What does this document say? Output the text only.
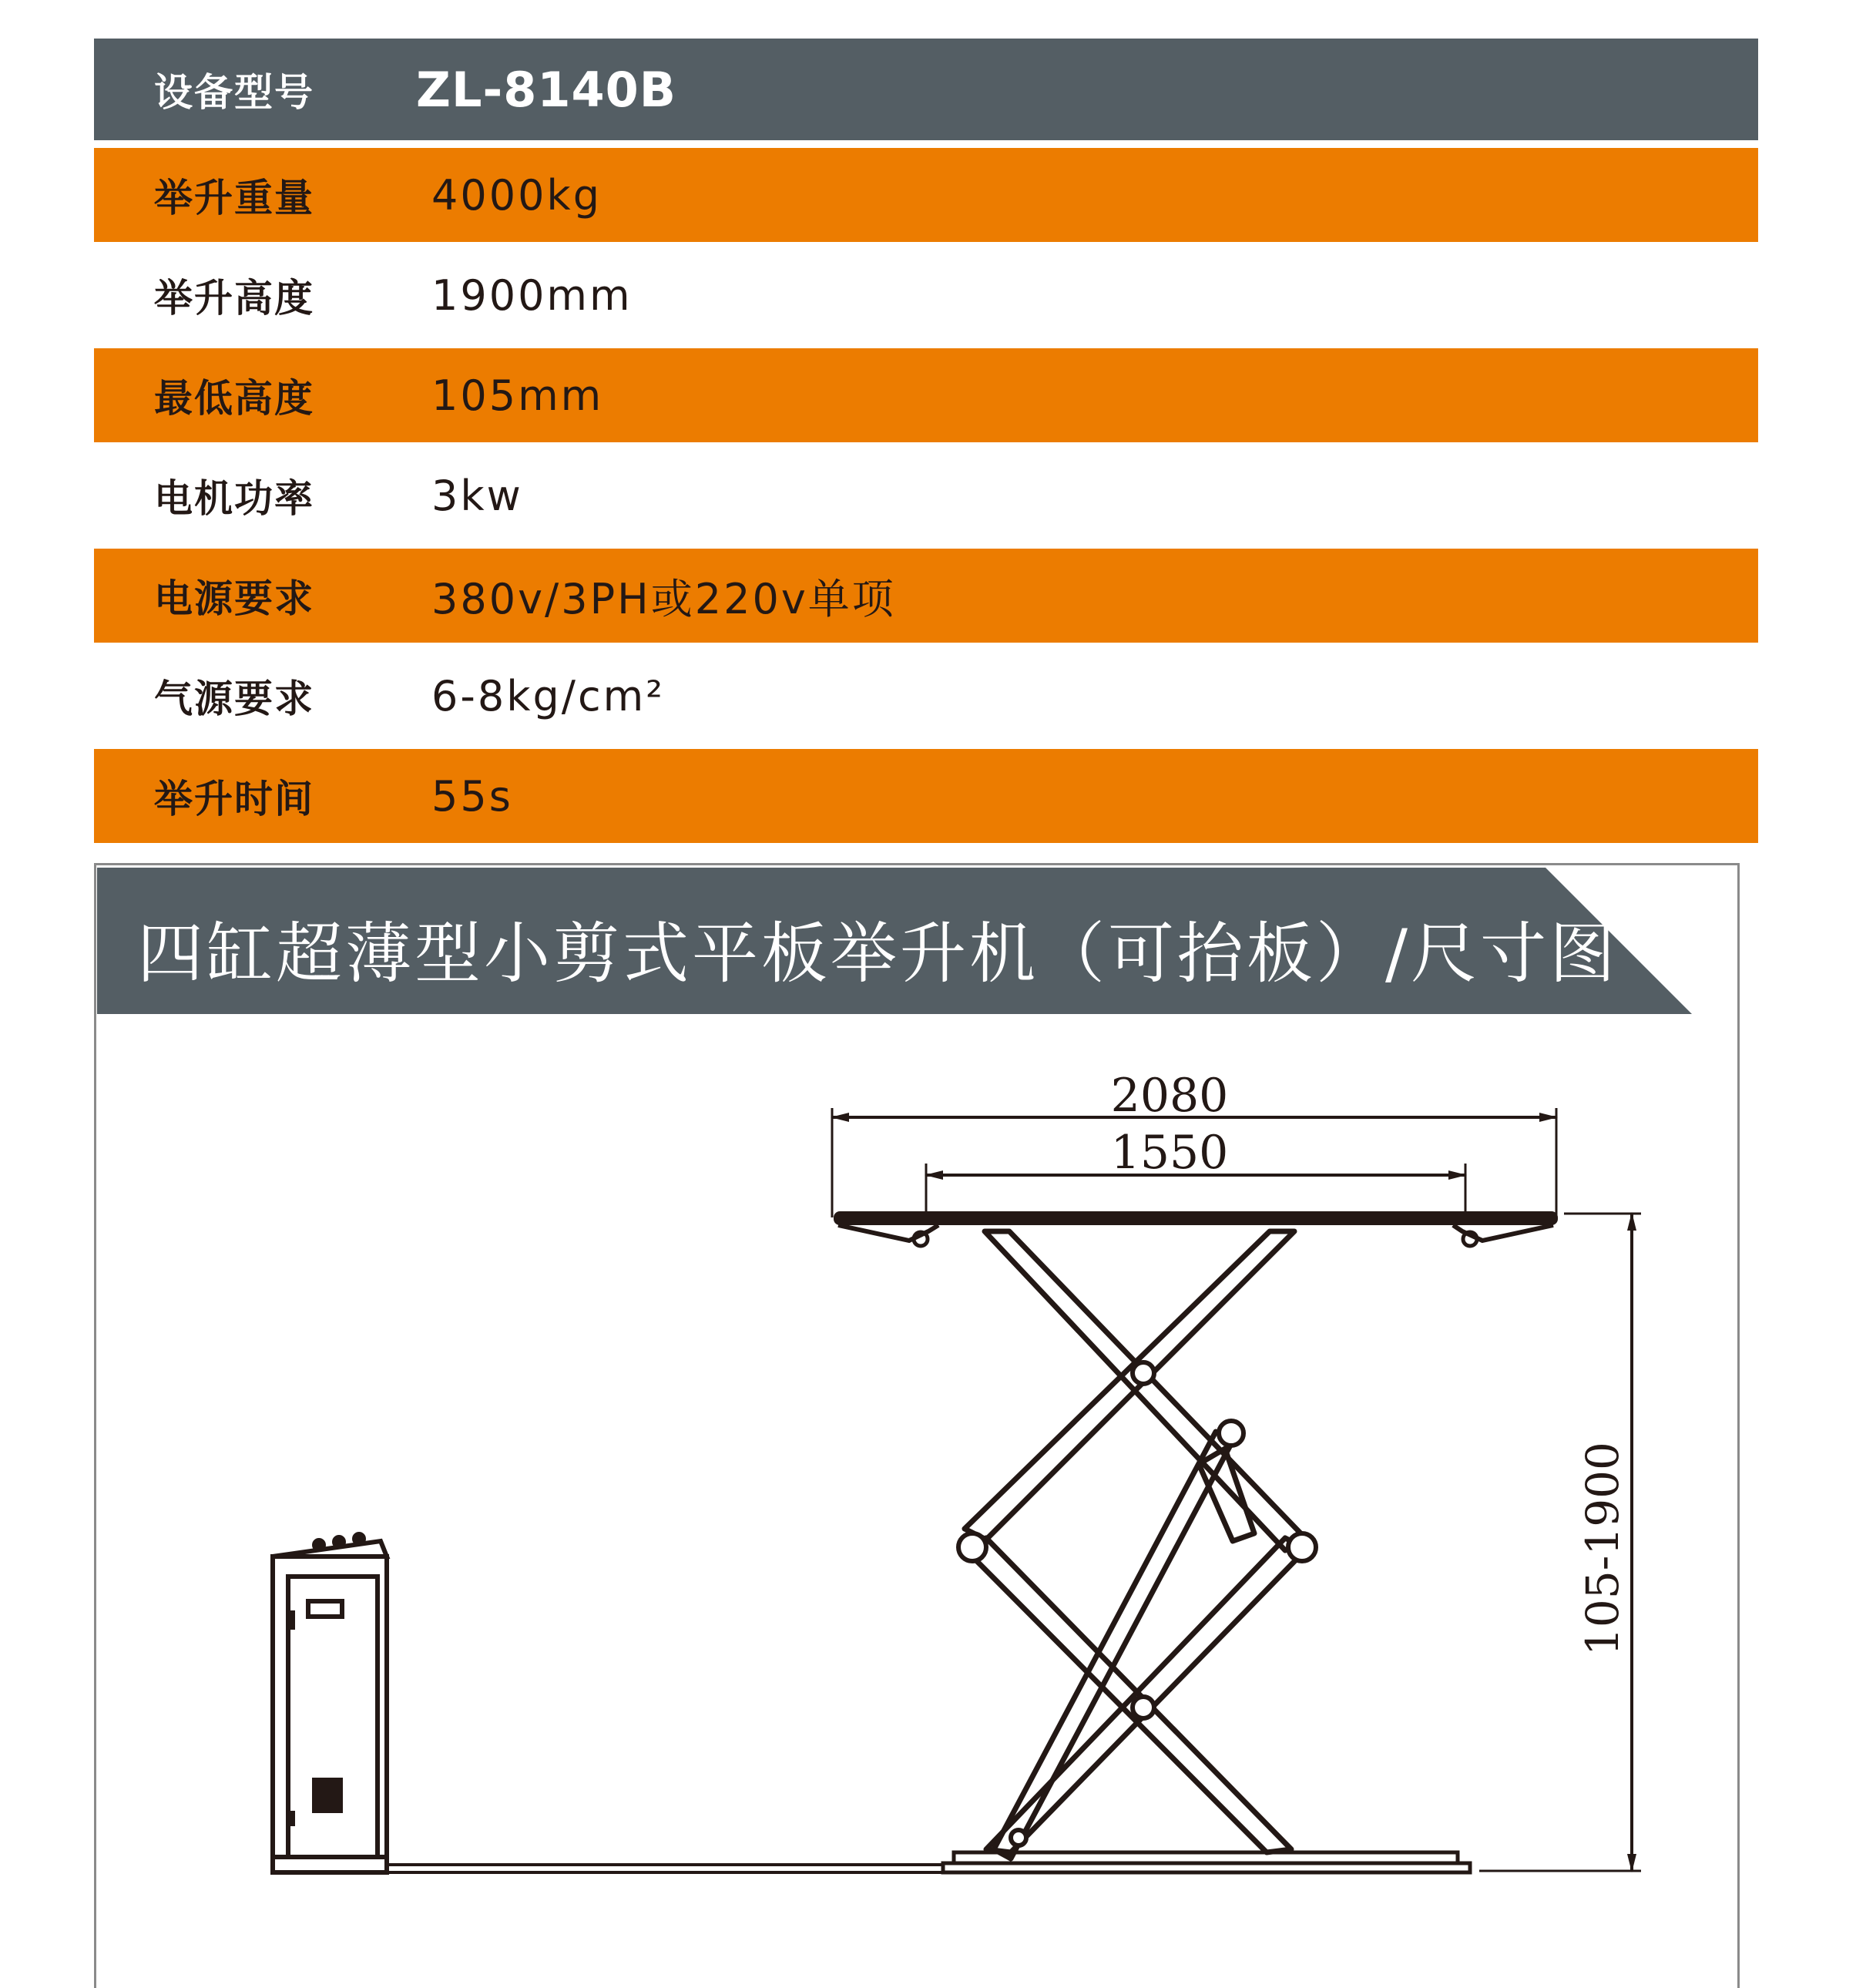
设备型号 ZL-8140B
举升重量	4000kg
举升高度	1900mm
最低高度	105mm
电机功率	3kw
电源要求	380v/3PH或220v单项
气源要求	6-8kg/cm²
举升时间	55s
四缸超薄型小剪式平板举升机（可抬板）/尺寸图
2080
1550
105-1900
